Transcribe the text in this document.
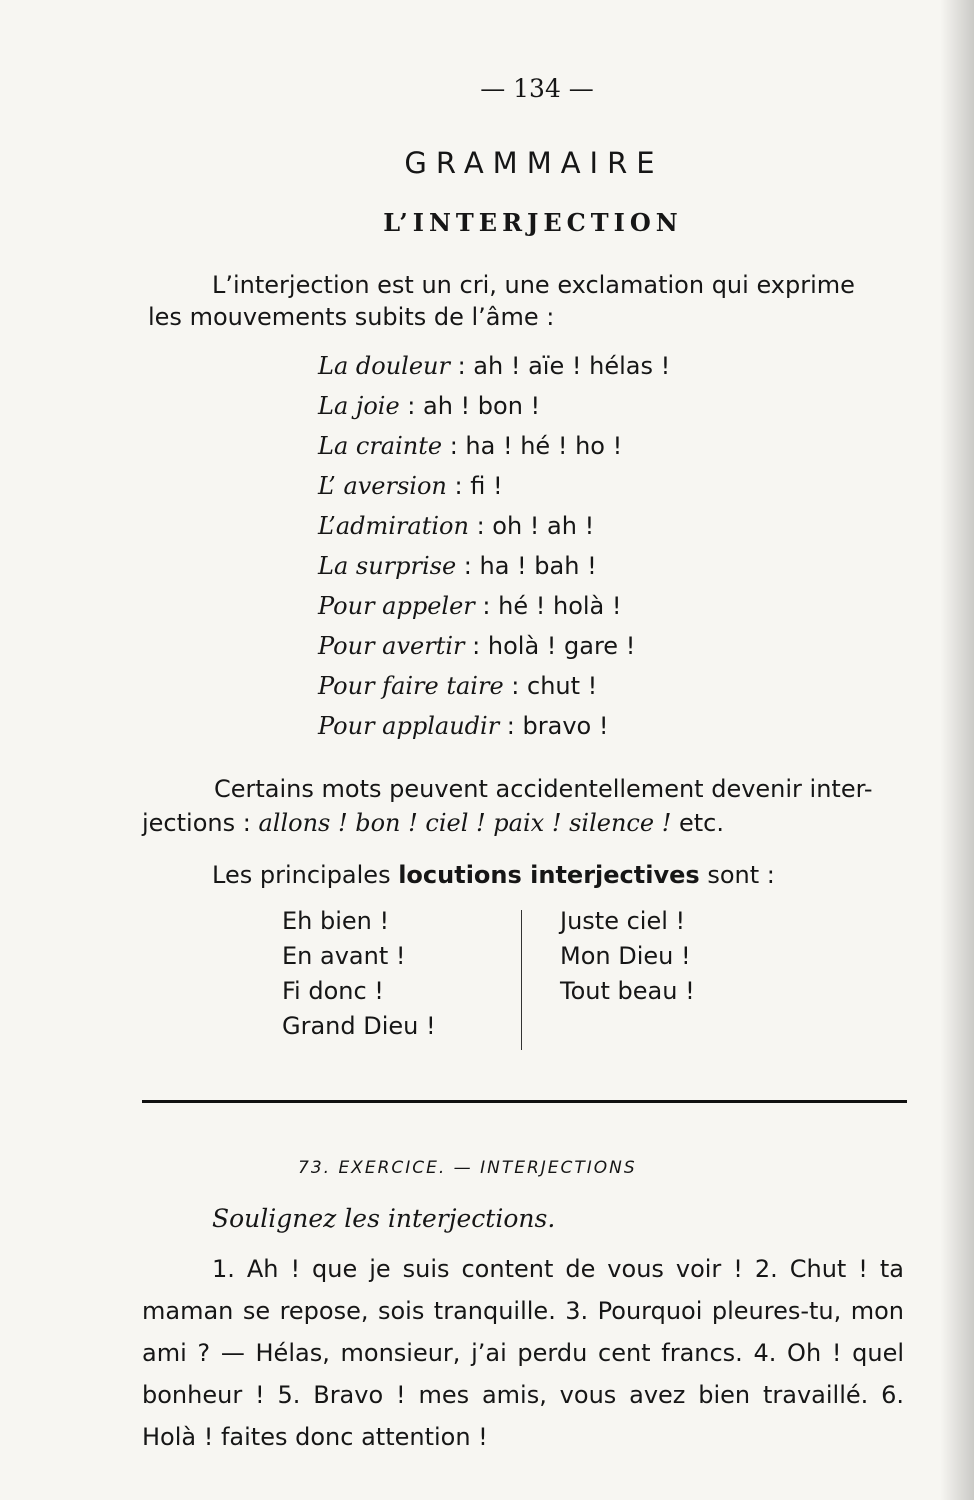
— 134 —
GRAMMAIRE
L’INTERJECTION
L’interjection est un cri, une exclamation qui exprime
les mouvements subits de l’âme :
La douleur : ah ! aïe ! hélas !
La joie : ah ! bon !
La crainte : ha ! hé ! ho !
L’ aversion : fi !
L’admiration : oh ! ah !
La surprise : ha ! bah !
Pour appeler : hé ! holà !
Pour avertir : holà ! gare !
Pour faire taire : chut !
Pour applaudir : bravo !
Certains mots peuvent accidentellement devenir inter-
jections : allons ! bon ! ciel ! paix ! silence ! etc.
Les principales locutions interjectives sont :
Eh bien !
En avant !
Fi donc !
Grand Dieu !
Juste ciel !
Mon Dieu !
Tout beau !
73. EXERCICE. — INTERJECTIONS
Soulignez les interjections.
1. Ah ! que je suis content de vous voir ! 2. Chut ! ta maman se repose, sois tranquille. 3. Pourquoi pleures-tu, mon ami ? — Hélas, monsieur, j’ai perdu cent francs. 4. Oh ! quel bonheur ! 5. Bravo ! mes amis, vous avez bien travaillé. 6. Holà ! faites donc attention !
